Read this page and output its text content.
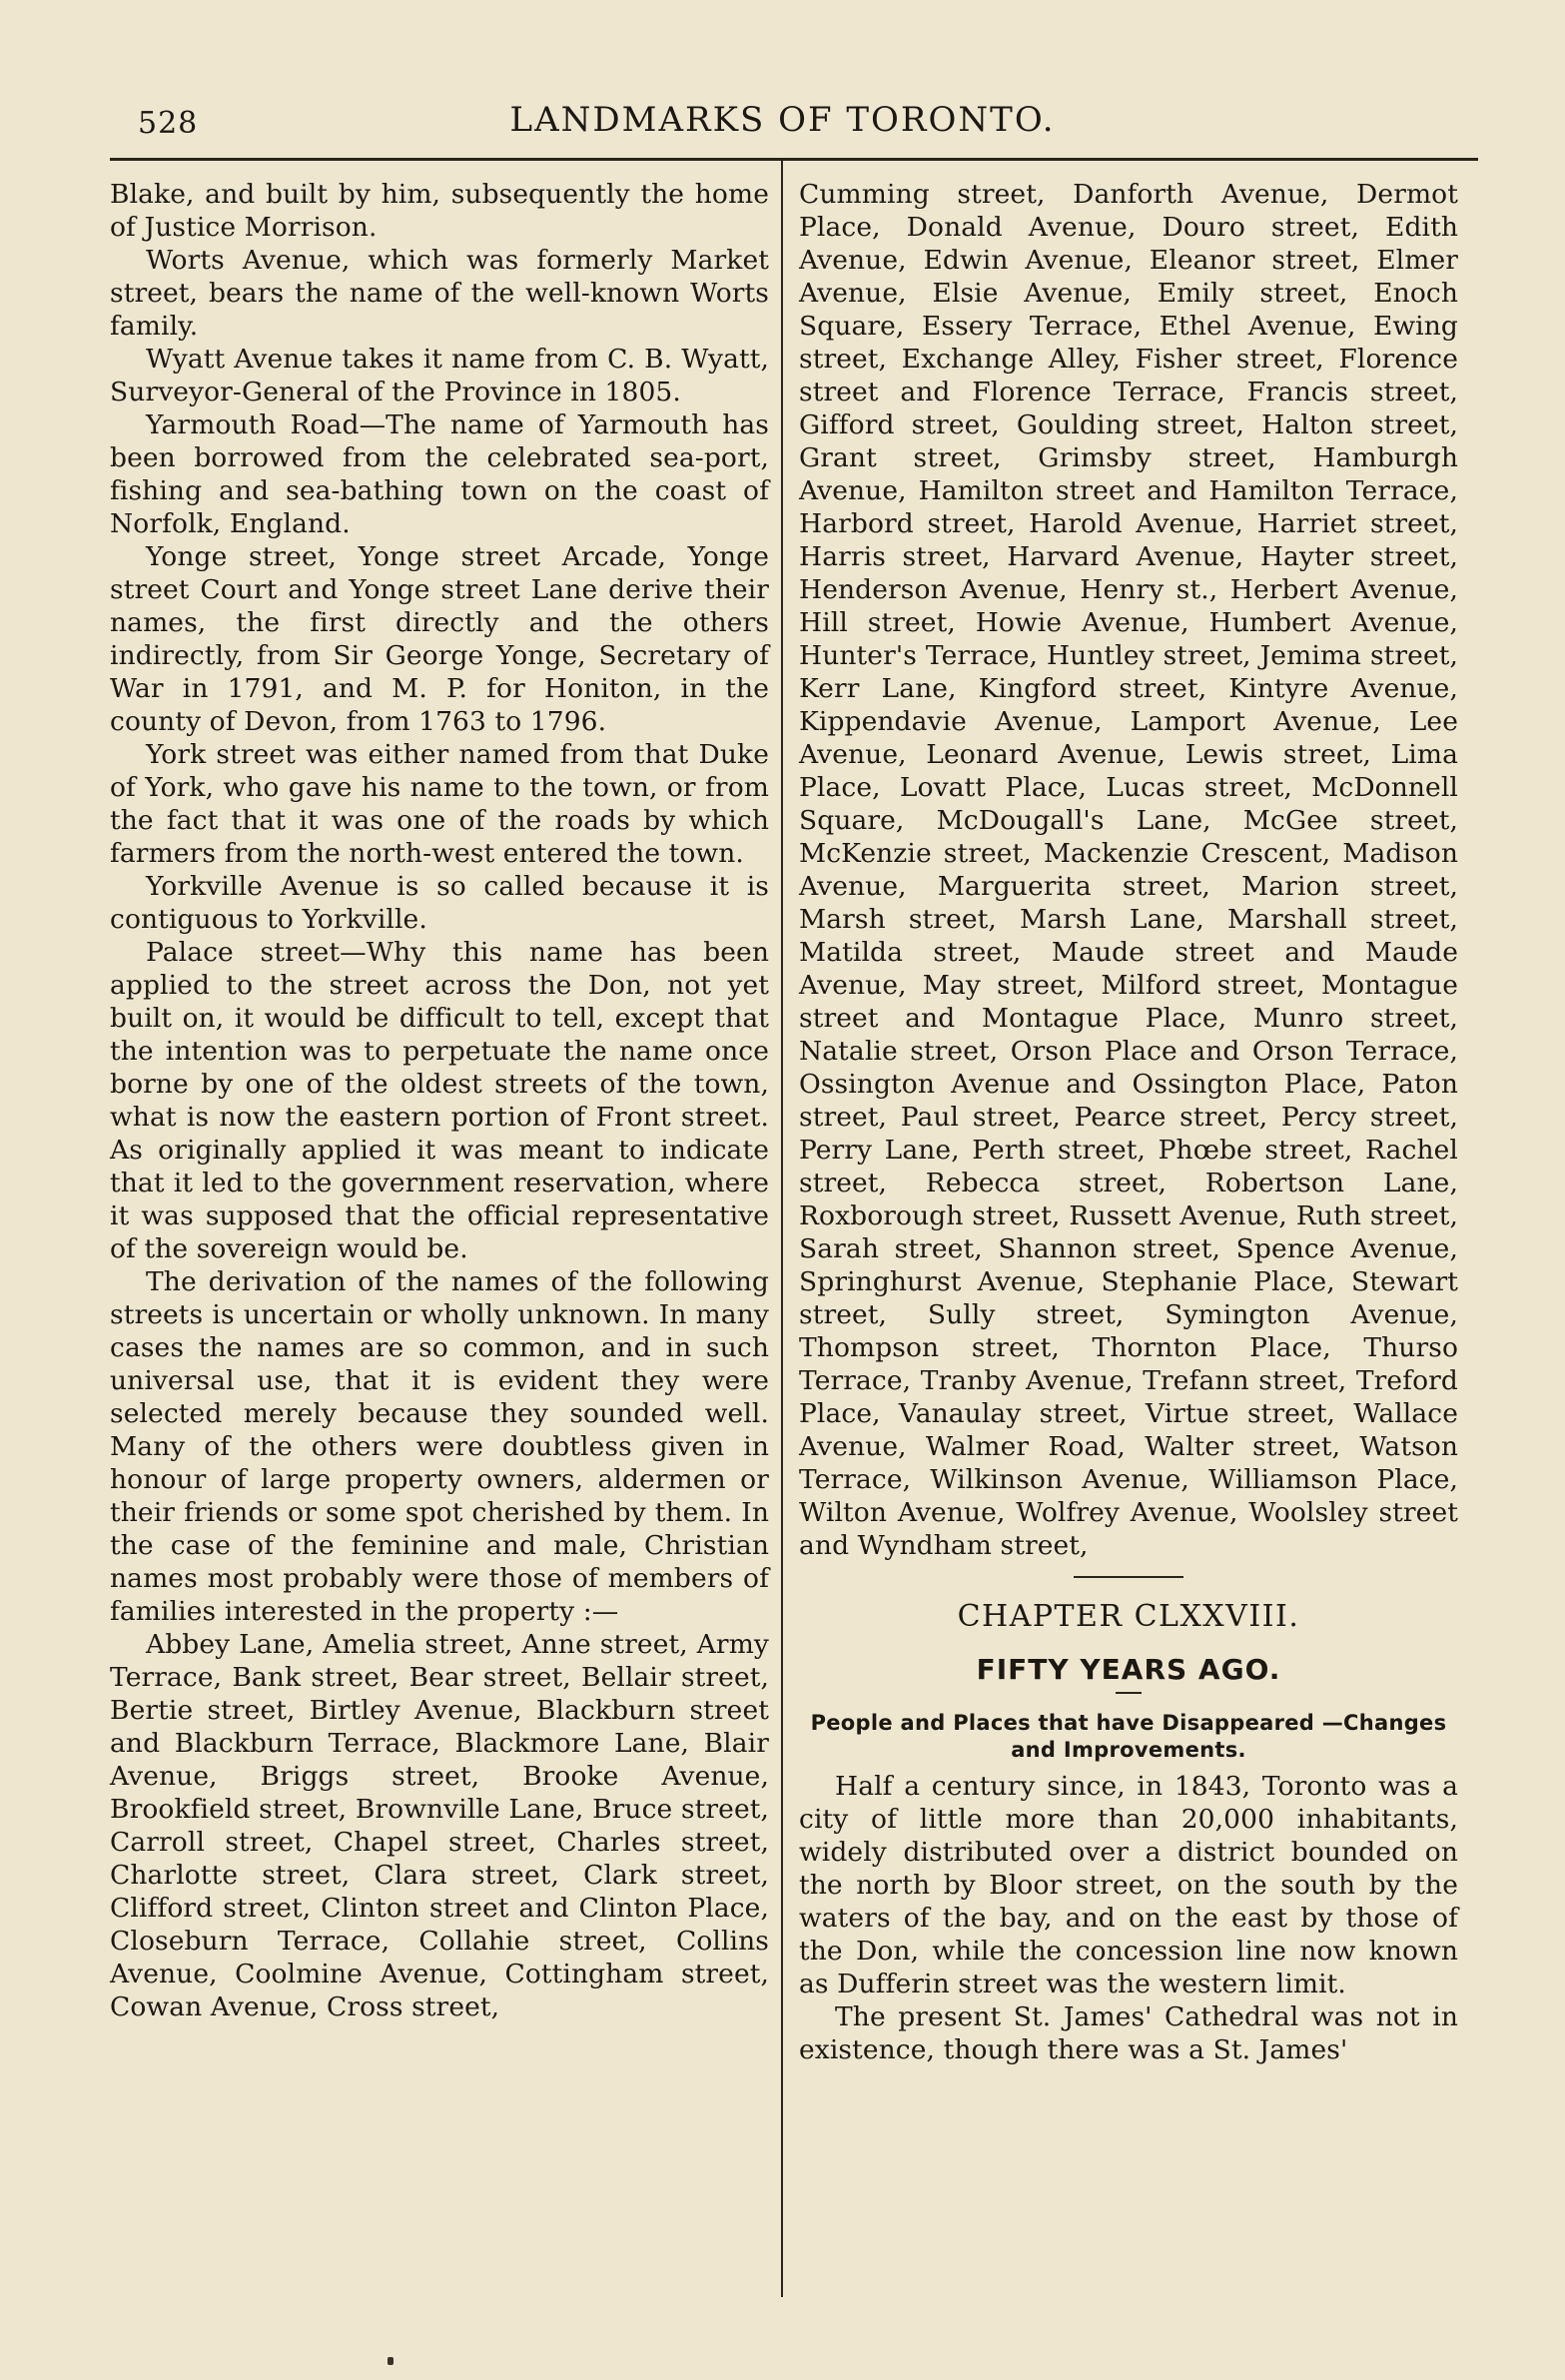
528	LANDMARKS OF TORONTO.

Blake, and built by him, subsequently the home of Justice Morrison.

Worts Avenue, which was formerly Market street, bears the name of the well-known Worts family.

Wyatt Avenue takes it name from C. B. Wyatt, Surveyor-General of the Province in 1805.

Yarmouth Road—The name of Yarmouth has been borrowed from the celebrated sea-port, fishing and sea-bathing town on the coast of Norfolk, England.

Yonge street, Yonge street Arcade, Yonge street Court and Yonge street Lane derive their names, the first directly and the others indirectly, from Sir George Yonge, Secretary of War in 1791, and M. P. for Honiton, in the county of Devon, from 1763 to 1796.

York street was either named from that Duke of York, who gave his name to the town, or from the fact that it was one of the roads by which farmers from the north-west entered the town.

Yorkville Avenue is so called because it is contiguous to Yorkville.

Palace street—Why this name has been applied to the street across the Don, not yet built on, it would be difficult to tell, except that the intention was to perpetuate the name once borne by one of the oldest streets of the town, what is now the eastern portion of Front street. As originally applied it was meant to indicate that it led to the government reservation, where it was supposed that the official representative of the sovereign would be.

The derivation of the names of the following streets is uncertain or wholly unknown. In many cases the names are so common, and in such universal use, that it is evident they were selected merely because they sounded well. Many of the others were doubtless given in honour of large property owners, aldermen or their friends or some spot cherished by them. In the case of the feminine and male, Christian names most probably were those of members of families interested in the property :—

Abbey Lane, Amelia street, Anne street, Army Terrace, Bank street, Bear street, Bellair street, Bertie street, Birtley Avenue, Blackburn street and Blackburn Terrace, Blackmore Lane, Blair Avenue, Briggs street, Brooke Avenue, Brookfield street, Brownville Lane, Bruce street, Carroll street, Chapel street, Charles street, Charlotte street, Clara street, Clark street, Clifford street, Clinton street and Clinton Place, Closeburn Terrace, Collahie street, Collins Avenue, Coolmine Avenue, Cottingham street, Cowan Avenue, Cross street,

Cumming street, Danforth Avenue, Dermot Place, Donald Avenue, Douro street, Edith Avenue, Edwin Avenue, Eleanor street, Elmer Avenue, Elsie Avenue, Emily street, Enoch Square, Essery Terrace, Ethel Avenue, Ewing street, Exchange Alley, Fisher street, Florence street and Florence Terrace, Francis street, Gifford street, Goulding street, Halton street, Grant street, Grimsby street, Hamburgh Avenue, Hamilton street and Hamilton Terrace, Harbord street, Harold Avenue, Harriet street, Harris street, Harvard Avenue, Hayter street, Henderson Avenue, Henry st., Herbert Avenue, Hill street, Howie Avenue, Humbert Avenue, Hunter's Terrace, Huntley street, Jemima street, Kerr Lane, Kingford street, Kintyre Avenue, Kippendavie Avenue, Lamport Avenue, Lee Avenue, Leonard Avenue, Lewis street, Lima Place, Lovatt Place, Lucas street, McDonnell Square, McDougall's Lane, McGee street, McKenzie street, Mackenzie Crescent, Madison Avenue, Marguerita street, Marion street, Marsh street, Marsh Lane, Marshall street, Matilda street, Maude street and Maude Avenue, May street, Milford street, Montague street and Montague Place, Munro street, Natalie street, Orson Place and Orson Terrace, Ossington Avenue and Ossington Place, Paton street, Paul street, Pearce street, Percy street, Perry Lane, Perth street, Phœbe street, Rachel street, Rebecca street, Robertson Lane, Roxborough street, Russett Avenue, Ruth street, Sarah street, Shannon street, Spence Avenue, Springhurst Avenue, Stephanie Place, Stewart street, Sully street, Symington Avenue, Thompson street, Thornton Place, Thurso Terrace, Tranby Avenue, Trefann street, Treford Place, Vanaulay street, Virtue street, Wallace Avenue, Walmer Road, Walter street, Watson Terrace, Wilkinson Avenue, Williamson Place, Wilton Avenue, Wolfrey Avenue, Woolsley street and Wyndham street,

CHAPTER CLXXVIII.
FIFTY YEARS AGO.
People and Places that have Disappeared —Changes and Improvements.

Half a century since, in 1843, Toronto was a city of little more than 20,000 inhabitants, widely distributed over a district bounded on the north by Bloor street, on the south by the waters of the bay, and on the east by those of the Don, while the concession line now known as Dufferin street was the western limit.

The present St. James' Cathedral was not in existence, though there was a St. James'
